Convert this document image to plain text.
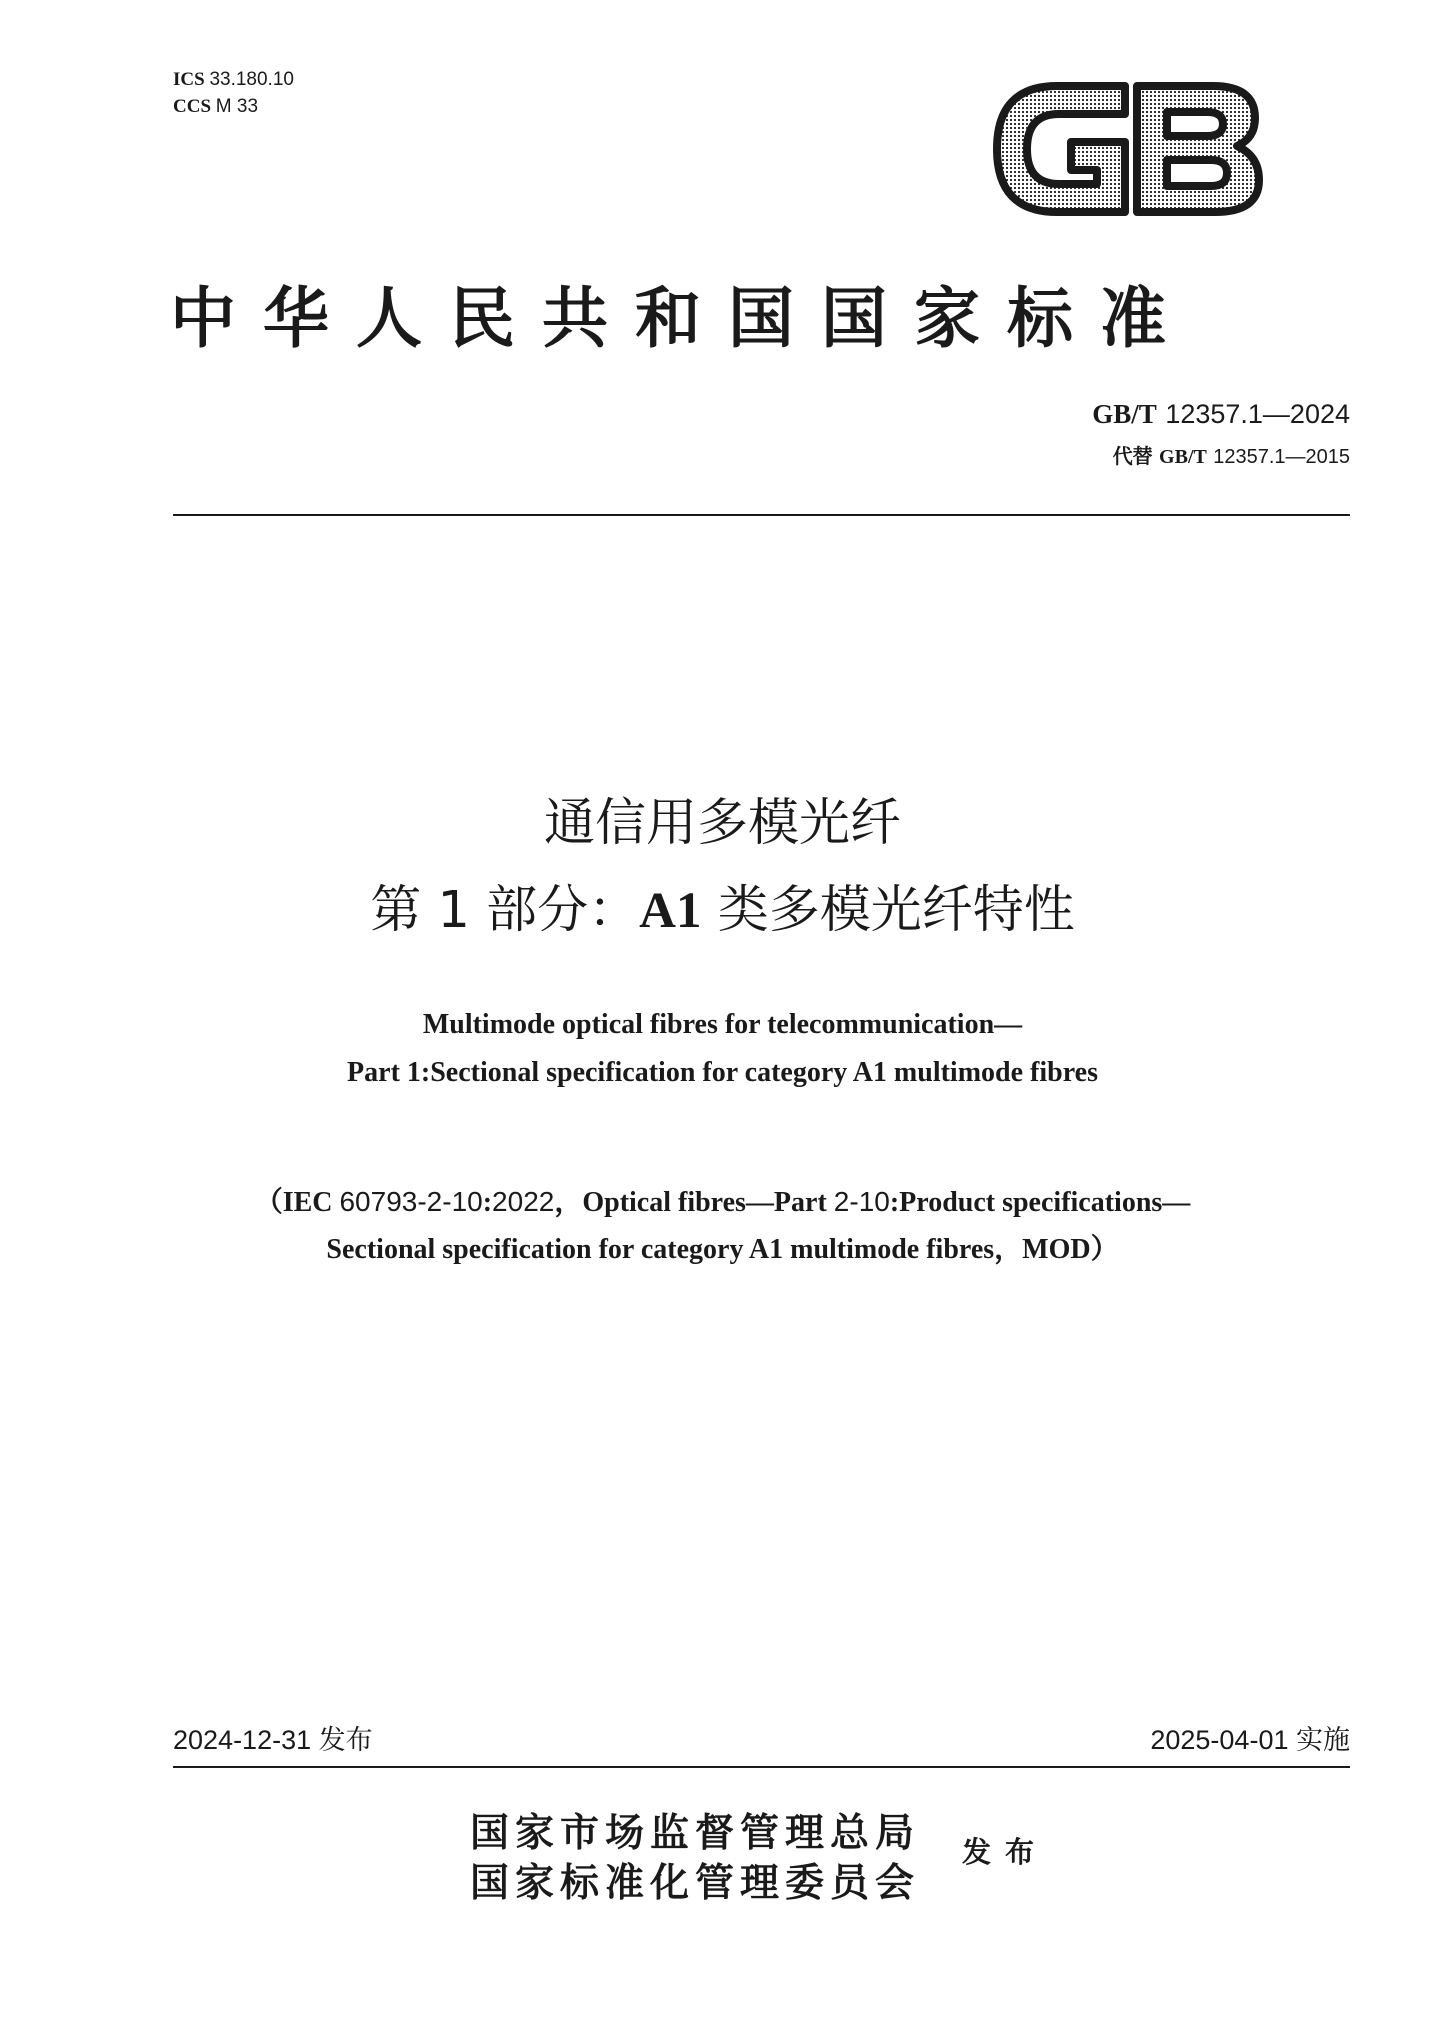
ICS 33.180.10
CCS M 33
中华人民共和国国家标准
GB/T 12357.1—2024
代替 GB/T 12357.1—2015
通信用多模光纤
第 1 部分：A1 类多模光纤特性
Multimode optical fibres for telecommunication—
Part 1:Sectional specification for category A1 multimode fibres
（IEC 60793-2-10:2022，Optical fibres—Part 2-10:Product specifications—
Sectional specification for category A1 multimode fibres，MOD）
2024-12-31 发布	2025-04-01 实施
国家市场监督管理总局
国家标准化管理委员会
发布
